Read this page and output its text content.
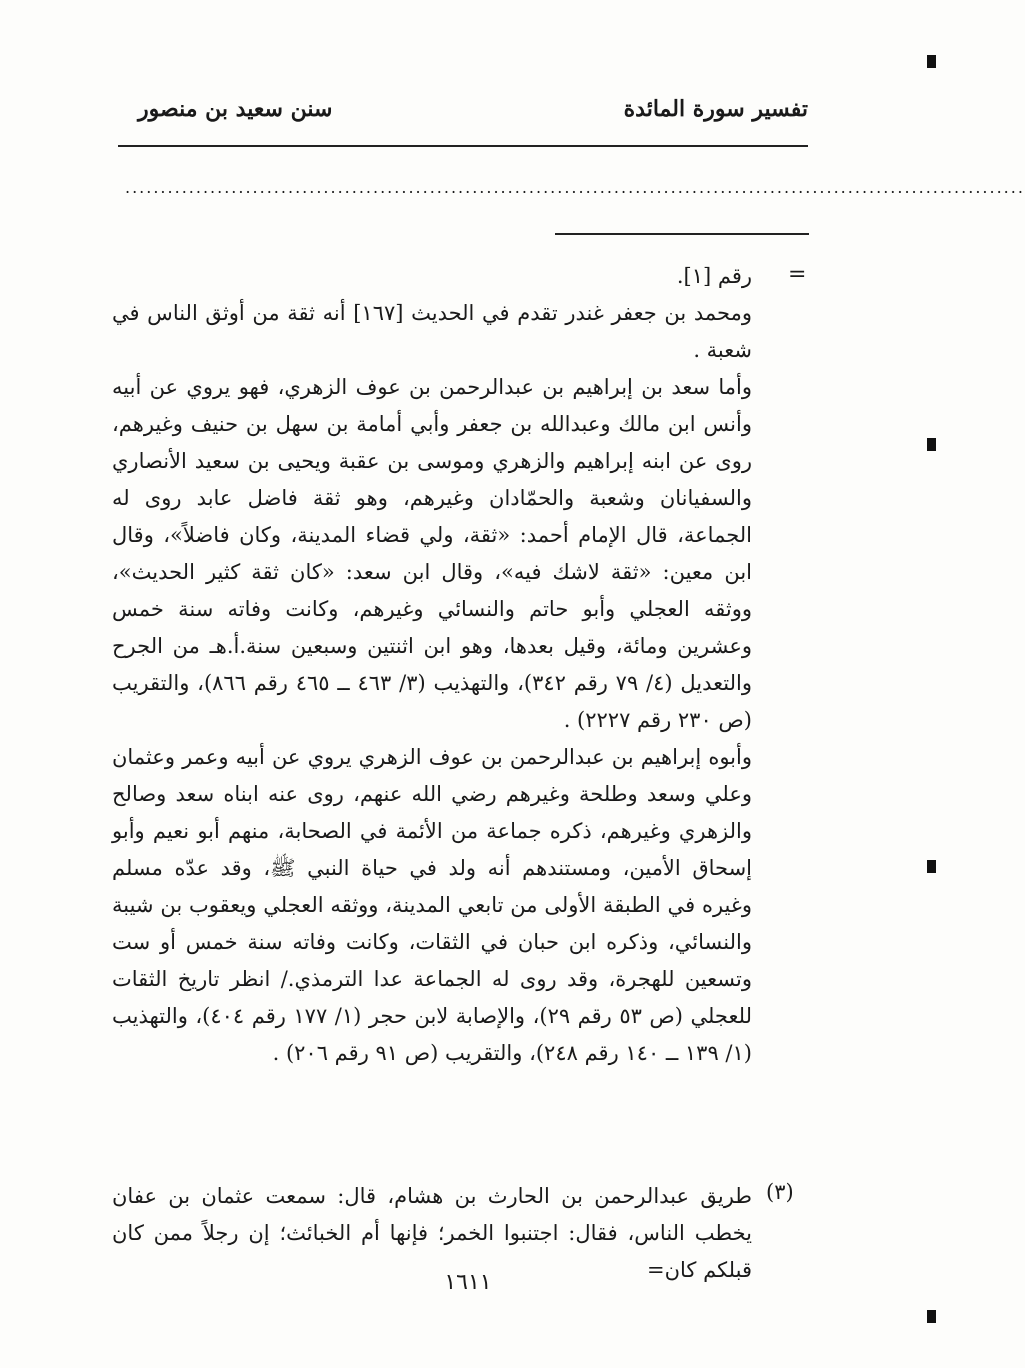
تفسير سورة المائدة
سنن سعيد بن منصور
...............................................................................................................................
=

رقم [١].

ومحمد بن جعفر غندر تقدم في الحديث [١٦٧] أنه ثقة من أوثق الناس في شعبة .

وأما سعد بن إبراهيم بن عبدالرحمن بن عوف الزهري، فهو يروي عن أبيه وأنس ابن مالك وعبدالله بن جعفر وأبي أمامة بن سهل بن حنيف وغيرهم، روى عن ابنه إبراهيم والزهري وموسى بن عقبة ويحيى بن سعيد الأنصاري والسفيانان وشعبة والحمّادان وغيرهم، وهو ثقة فاضل عابد روى له الجماعة، قال الإمام أحمد: «ثقة، ولي قضاء المدينة، وكان فاضلاً»، وقال ابن معين: «ثقة لاشك فيه»، وقال ابن سعد: «كان ثقة كثير الحديث»، ووثقه العجلي وأبو حاتم والنسائي وغيرهم، وكانت وفاته سنة خمس وعشرين ومائة، وقيل بعدها، وهو ابن اثنتين وسبعين سنة.أ.هـ من الجرح والتعديل (٤/ ٧٩ رقم ٣٤٢)، والتهذيب (٣/ ٤٦٣ ــ ٤٦٥ رقم ٨٦٦)، والتقريب (ص ٢٣٠ رقم ٢٢٢٧) .

وأبوه إبراهيم بن عبدالرحمن بن عوف الزهري يروي عن أبيه وعمر وعثمان وعلي وسعد وطلحة وغيرهم رضي الله عنهم، روى عنه ابناه سعد وصالح والزهري وغيرهم، ذكره جماعة من الأئمة في الصحابة، منهم أبو نعيم وأبو إسحاق الأمين، ومستندهم أنه ولد في حياة النبي ﷺ، وقد عدّه مسلم وغيره في الطبقة الأولى من تابعي المدينة، ووثقه العجلي ويعقوب بن شيبة والنسائي، وذكره ابن حبان في الثقات، وكانت وفاته سنة خمس أو ست وتسعين للهجرة، وقد روى له الجماعة عدا الترمذي./ انظر تاريخ الثقات للعجلي (ص ٥٣ رقم ٢٩)، والإصابة لابن حجر (١/ ١٧٧ رقم ٤٠٤)، والتهذيب (١/ ١٣٩ ــ ١٤٠ رقم ٢٤٨)، والتقريب (ص ٩١ رقم ٢٠٦) .

(٣)
طريق عبدالرحمن بن الحارث بن هشام، قال: سمعت عثمان بن عفان يخطب الناس، فقال: اجتنبوا الخمر؛ فإنها أم الخبائث؛ إن رجلاً ممن كان قبلكم كان=
١٦١١
